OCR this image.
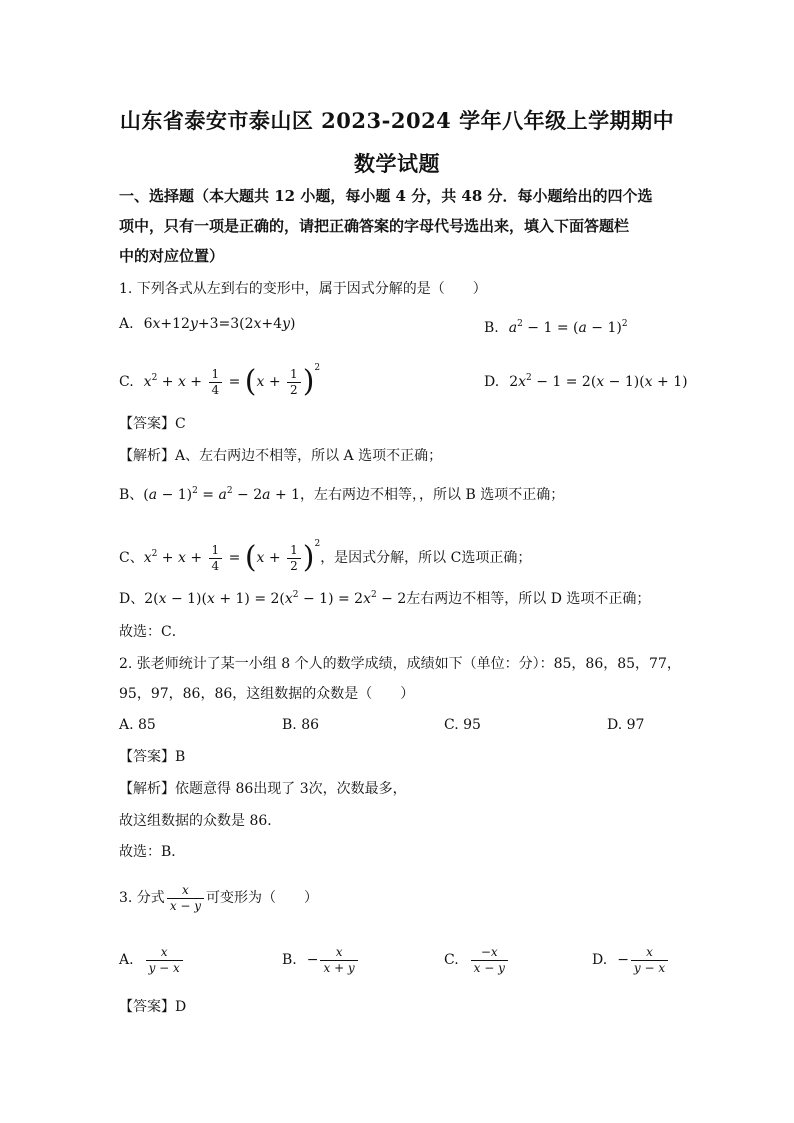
山东省泰安市泰山区 2023-2024 学年八年级上学期期中
数学试题
一、选择题（本大题共 12 小题，每小题 4 分，共 48 分．每小题给出的四个选
项中，只有一项是正确的，请把正确答案的字母代号选出来，填入下面答题栏
中的对应位置）
1. 下列各式从左到右的变形中，属于因式分解的是（　　）
A. 6x+12y+3=3(2x+4y)	B. $a^2 - 1 = (a - 1)^2$
C. $x^2 + x + \frac{1}{4} = (x + \frac{1}{2} )^2$
D. $2x^2 - 1 = 2(x - 1)(x + 1)$
【答案】C
【解析】A、左右两边不相等，所以 A 选项不正确；
B、$(a - 1)^2 = a^2 - 2a + 1$，左右两边不相等，，所以 B 选项不正确；
C、$x^2 + x + \frac{1}{4} = (x + \frac{1}{2} )^2$，是因式分解，所以 C选项正确；
D、$2(x - 1)(x + 1) = 2(x^2 - 1) = 2x^2 - 2$左右两边不相等，所以 D 选项不正确；
故选：C．
2. 张老师统计了某一小组 8 个人的数学成绩，成绩如下（单位：分）：85，86，85，77，
95，97，86，86，这组数据的众数是（　　）
A. 85	B. 86	C. 95	D. 97
【答案】B
【解析】依题意得 86出现了 3次，次数最多，
故这组数据的众数是 86．
故选：B．
3. 分式 $\frac{x}{x - y}$ 可变形为（　　）
A. $\frac{x}{y - x}$	B. − $\frac{x}{x + y}$	C. $\frac{-x}{x - y}$	D. − $\frac{x}{y - x}$
【答案】D
